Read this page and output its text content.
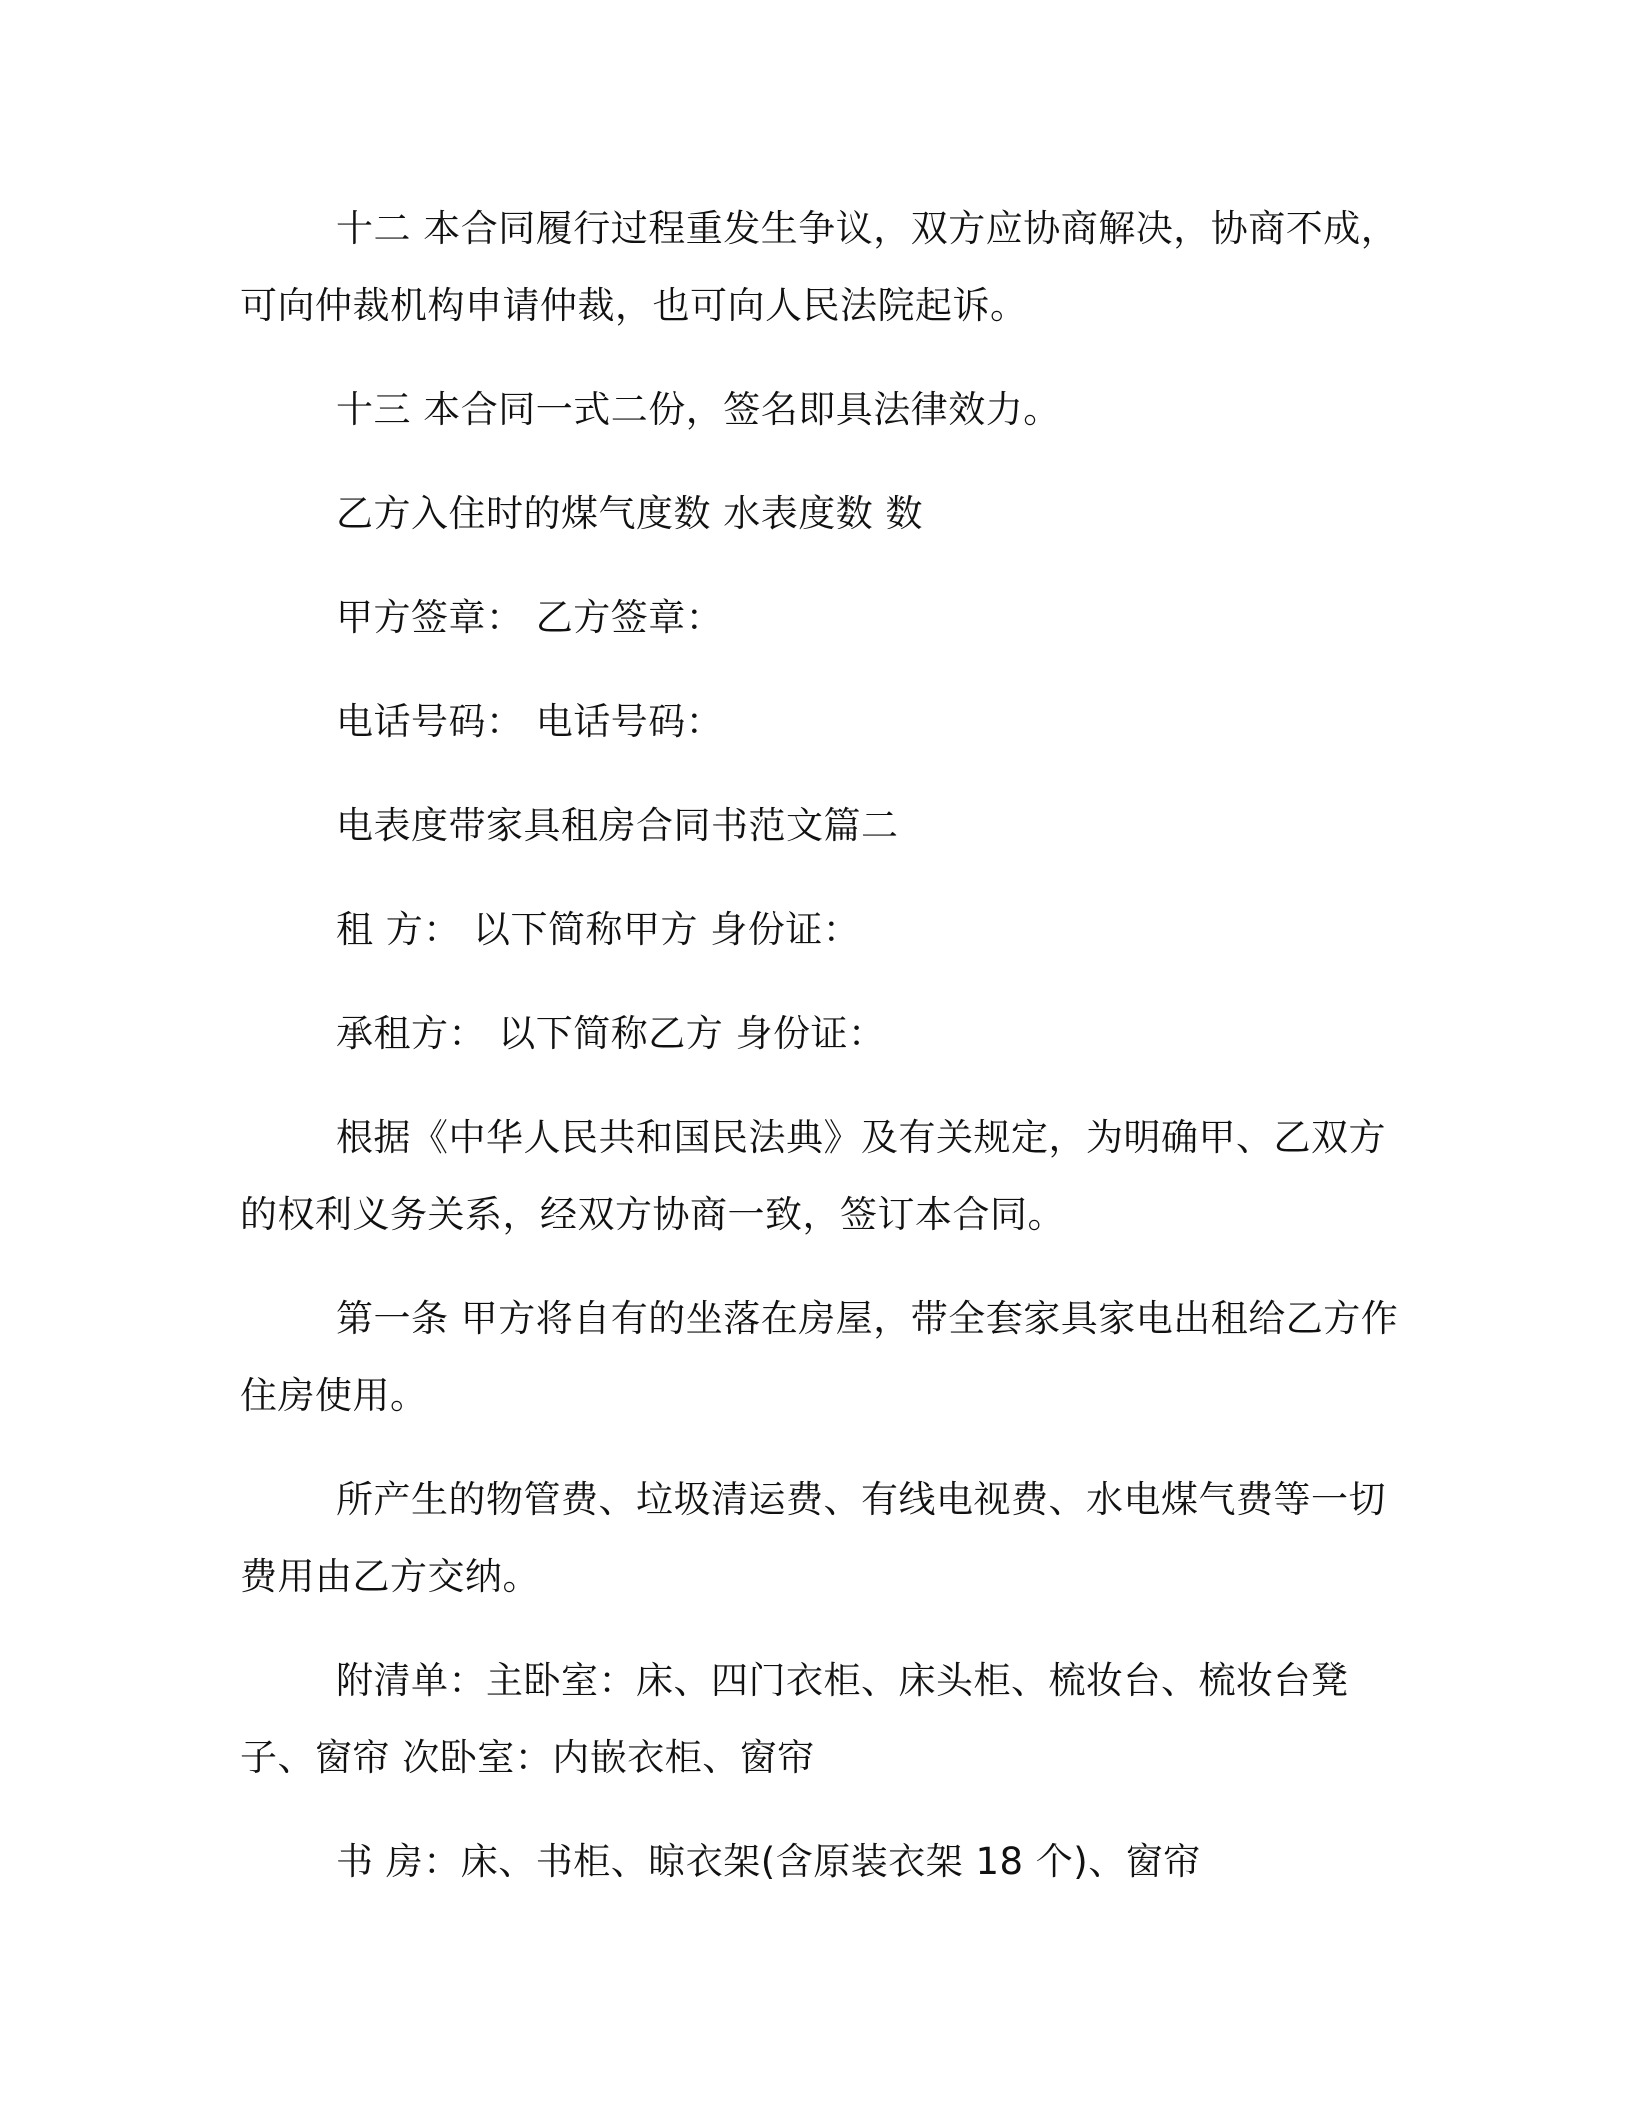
十二 本合同履行过程重发生争议，双方应协商解决，协商不成，可向仲裁机构申请仲裁，也可向人民法院起诉。

十三 本合同一式二份，签名即具法律效力。

乙方入住时的煤气度数 水表度数 数

甲方签章： 乙方签章：

电话号码： 电话号码：

电表度带家具租房合同书范文篇二

租 方： 以下简称甲方 身份证：

承租方： 以下简称乙方 身份证：

根据《中华人民共和国民法典》及有关规定，为明确甲、乙双方的权利义务关系，经双方协商一致，签订本合同。

第一条 甲方将自有的坐落在房屋，带全套家具家电出租给乙方作住房使用。

所产生的物管费、垃圾清运费、有线电视费、水电煤气费等一切费用由乙方交纳。

附清单：主卧室：床、四门衣柜、床头柜、梳妆台、梳妆台凳子、窗帘 次卧室：内嵌衣柜、窗帘

书 房：床、书柜、晾衣架(含原装衣架 18 个)、窗帘
